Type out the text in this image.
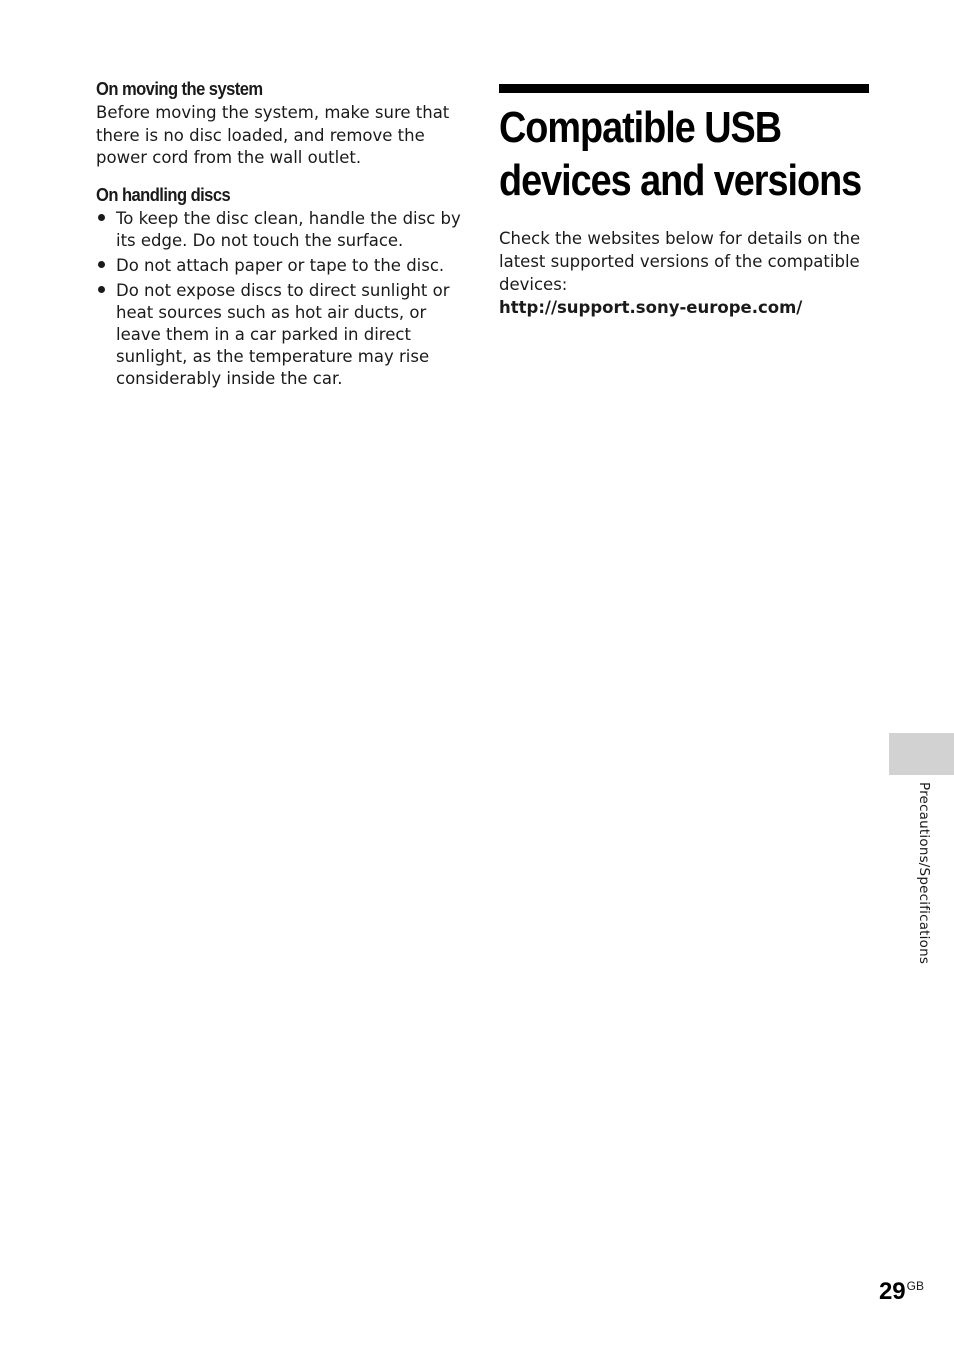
On moving the system

Before moving the system, make sure that
there is no disc loaded, and remove the
power cord from the wall outlet.

On handling discs
To keep the disc clean, handle the disc by
its edge. Do not touch the surface.
Do not attach paper or tape to the disc.
Do not expose discs to direct sunlight or
heat sources such as hot air ducts, or
leave them in a car parked in direct
sunlight, as the temperature may rise
considerably inside the car.
Compatible USB
devices and versions

Check the websites below for details on the
latest supported versions of the compatible
devices:
http://support.sony-europe.com/

Precautions/Specifications
$29^{GB}$
